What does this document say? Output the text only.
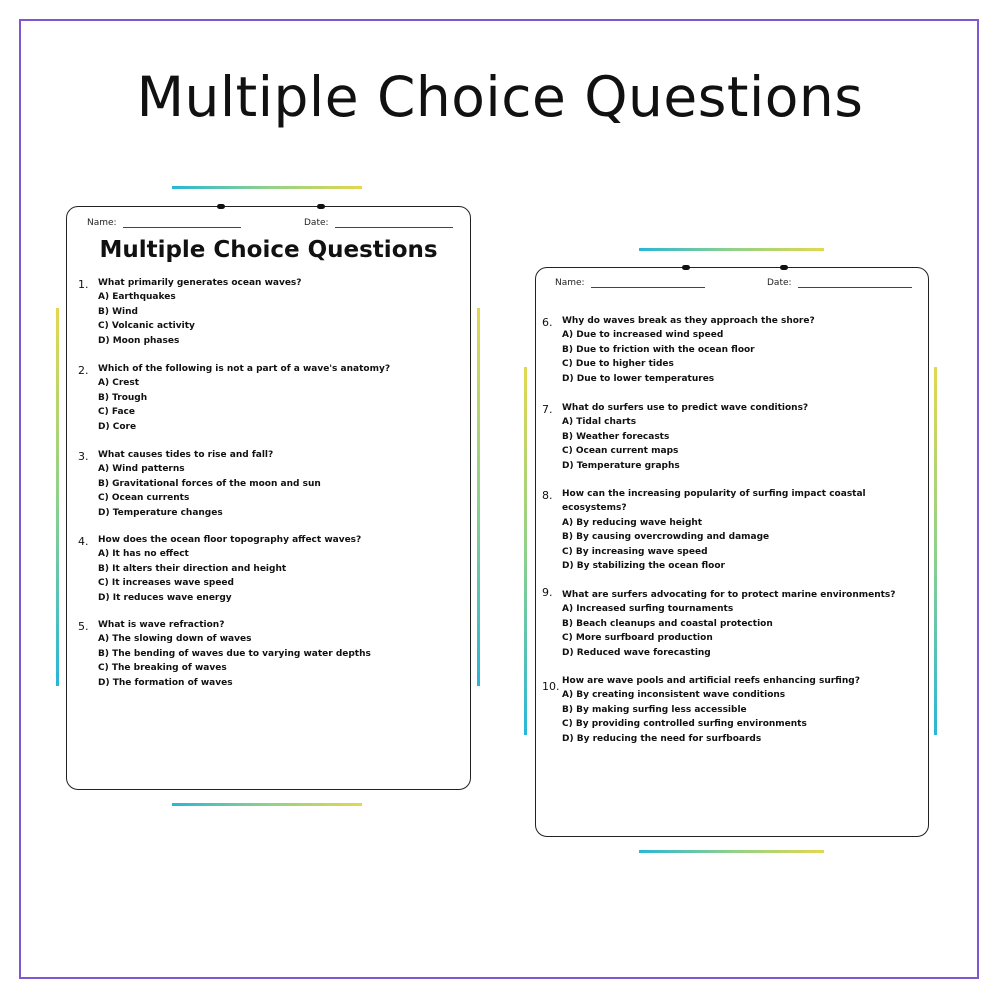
Multiple Choice Questions
Name:	Date:
Multiple Choice Questions
1. What primarily generates ocean waves?
A) Earthquakes
B) Wind
C) Volcanic activity
D) Moon phases
2. Which of the following is not a part of a wave's anatomy?
A) Crest
B) Trough
C) Face
D) Core
3. What causes tides to rise and fall?
A) Wind patterns
B) Gravitational forces of the moon and sun
C) Ocean currents
D) Temperature changes
4. How does the ocean floor topography affect waves?
A) It has no effect
B) It alters their direction and height
C) It increases wave speed
D) It reduces wave energy
5. What is wave refraction?
A) The slowing down of waves
B) The bending of waves due to varying water depths
C) The breaking of waves
D) The formation of waves
Name:	Date:
6. Why do waves break as they approach the shore?
A) Due to increased wind speed
B) Due to friction with the ocean floor
C) Due to higher tides
D) Due to lower temperatures
7. What do surfers use to predict wave conditions?
A) Tidal charts
B) Weather forecasts
C) Ocean current maps
D) Temperature graphs
8. How can the increasing popularity of surfing impact coastal
ecosystems?
A) By reducing wave height
B) By causing overcrowding and damage
C) By increasing wave speed
D) By stabilizing the ocean floor
9. What are surfers advocating for to protect marine environments?
A) Increased surfing tournaments
B) Beach cleanups and coastal protection
C) More surfboard production
D) Reduced wave forecasting
10. How are wave pools and artificial reefs enhancing surfing?
A) By creating inconsistent wave conditions
B) By making surfing less accessible
C) By providing controlled surfing environments
D) By reducing the need for surfboards
